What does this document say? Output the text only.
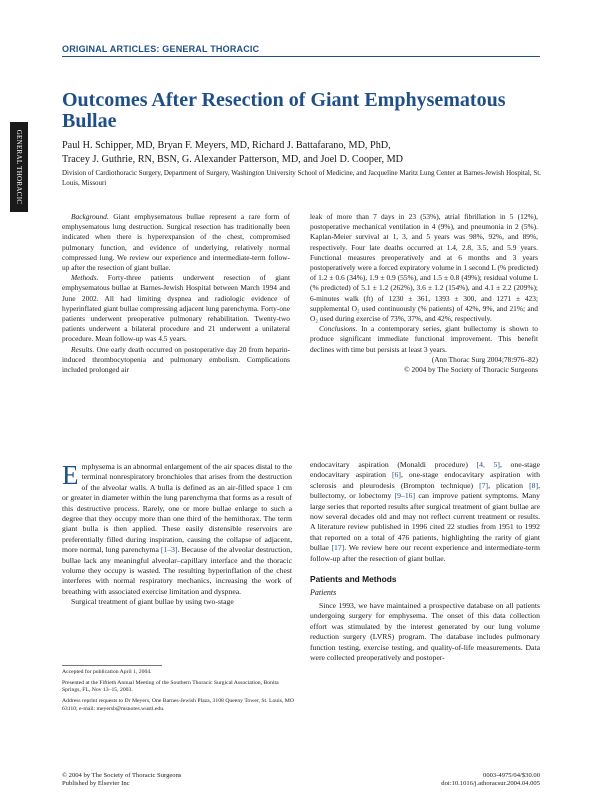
ORIGINAL ARTICLES: GENERAL THORACIC
GENERAL THORACIC
Outcomes After Resection of Giant Emphysematous Bullae
Paul H. Schipper, MD, Bryan F. Meyers, MD, Richard J. Battafarano, MD, PhD,
Tracey J. Guthrie, RN, BSN, G. Alexander Patterson, MD, and Joel D. Cooper, MD
Division of Cardiothoracic Surgery, Department of Surgery, Washington University School of Medicine, and Jacqueline Maritz Lung Center at Barnes-Jewish Hospital, St. Louis, Missouri

Background. Giant emphysematous bullae represent a rare form of emphysematous lung destruction. Surgical resection has traditionally been indicated when there is hyperexpansion of the chest, compromised pulmonary function, and evidence of underlying, relatively normal compressed lung. We review our experience and intermediate-term follow-up after the resection of giant bullae.

Methods. Forty-three patients underwent resection of giant emphysematous bullae at Barnes-Jewish Hospital between March 1994 and June 2002. All had limiting dyspnea and radiologic evidence of hyperinflated giant bullae compressing adjacent lung parenchyma. Forty-one patients underwent preoperative pulmonary rehabilitation. Twenty-two patients underwent a bilateral procedure and 21 underwent a unilateral procedure. Mean follow-up was 4.5 years.

Results. One early death occurred on postoperative day 20 from heparin-induced thrombocytopenia and pulmonary embolism. Complications included prolonged air

leak of more than 7 days in 23 (53%), atrial fibrillation in 5 (12%), postoperative mechanical ventilation in 4 (9%), and pneumonia in 2 (5%). Kaplan-Meier survival at 1, 3, and 5 years was 98%, 92%, and 89%, respectively. Four late deaths occurred at 1.4, 2.8, 3.5, and 5.9 years. Functional measures preoperatively and at 6 months and 3 years postoperatively were a forced expiratory volume in 1 second L (% predicted) of 1.2 ± 0.6 (34%), 1.9 ± 0.9 (55%), and 1.5 ± 0.8 (49%); residual volume L (% predicted) of 5.1 ± 1.2 (262%), 3.6 ± 1.2 (154%), and 4.1 ± 2.2 (209%); 6-minutes walk (ft) of 1230 ± 361, 1393 ± 300, and 1271 ± 423; supplemental O₂ used continuously (% patients) of 42%, 9%, and 21%; and O₂ used during exercise of 73%, 37%, and 42%, respectively.

Conclusions. In a contemporary series, giant bullectomy is shown to produce significant immediate functional improvement. This benefit declines with time but persists at least 3 years.

(Ann Thorac Surg 2004;78:976–82)

© 2004 by The Society of Thoracic Surgeons

Emphysema is an abnormal enlargement of the air spaces distal to the terminal nonrespiratory bronchioles that arises from the destruction of the alveolar walls. A bulla is defined as an air-filled space 1 cm or greater in diameter within the lung parenchyma that forms as a result of this destructive process. Rarely, one or more bullae enlarge to such a degree that they occupy more than one third of the hemithorax. The term giant bulla is then applied. These easily distensible reservoirs are preferentially filled during inspiration, causing the collapse of adjacent, more normal, lung parenchyma [1–3]. Because of the alveolar destruction, bullae lack any meaningful alveolar–capillary interface and the thoracic volume they occupy is wasted. The resulting hyperinflation of the chest interferes with normal respiratory mechanics, increasing the work of breathing with associated exercise limitation and dyspnea.

Surgical treatment of giant bullae by using two-stage

endocavitary aspiration (Monaldi procedure) [4, 5], one-stage endocavitary aspiration [6], one-stage endocavitary aspiration with sclerosis and pleurodesis (Brompton technique) [7], plication [8], bullectomy, or lobectomy [9–16] can improve patient symptoms. Many large series that reported results after surgical treatment of giant bullae are now several decades old and may not reflect current treatment or results. A literature review published in 1996 cited 22 studies from 1951 to 1992 that reported on a total of 476 patients, highlighting the rarity of giant bullae [17]. We review here our recent experience and intermediate-term follow-up after the resection of giant bullae.

Patients and Methods
Patients

Since 1993, we have maintained a prospective database on all patients undergoing surgery for emphysema. The onset of this data collection effort was stimulated by the interest generated by our lung volume reduction surgery (LVRS) program. The database includes pulmonary function testing, exercise testing, and quality-of-life measurements. Data were collected preoperatively and postoper-

Accepted for publication April 1, 2004.

Presented at the Fiftieth Annual Meeting of the Southern Thoracic Surgical Association, Bonita Springs, FL, Nov 13–15, 2003.

Address reprint requests to Dr Meyers, One Barnes-Jewish Plaza, 3108 Queeny Tower, St. Louis, MO 63110; e-mail: meyersb@msnotes.wustl.edu.

© 2004 by The Society of Thoracic Surgeons
Published by Elsevier Inc
0003-4975/04/$30.00
doi:10.1016/j.athoracsur.2004.04.005
